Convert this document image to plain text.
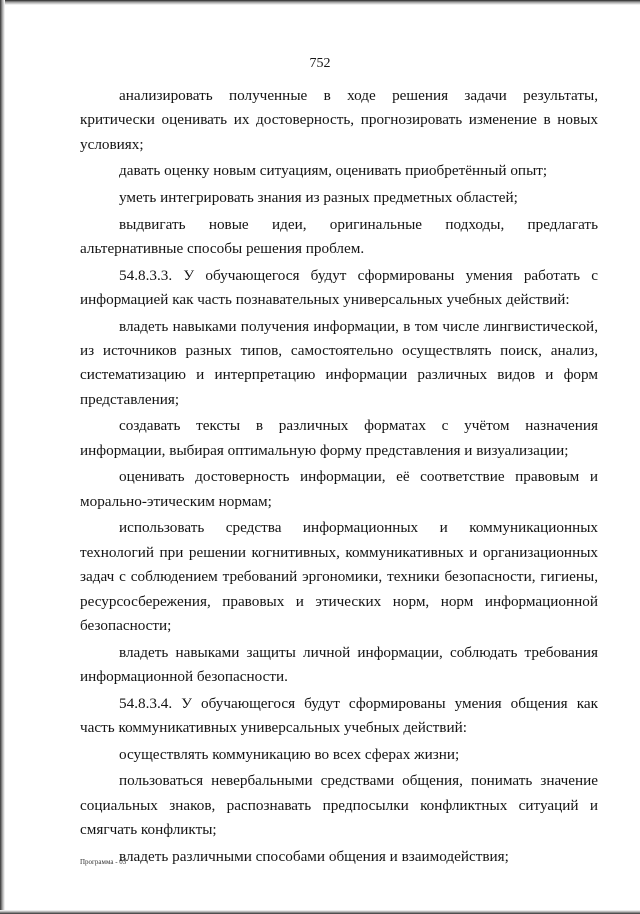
752

анализировать полученные в ходе решения задачи результаты, критически оценивать их достоверность, прогнозировать изменение в новых условиях;

давать оценку новым ситуациям, оценивать приобретённый опыт;

уметь интегрировать знания из разных предметных областей;

выдвигать новые идеи, оригинальные подходы, предлагать альтернативные способы решения проблем.

54.8.3.3. У обучающегося будут сформированы умения работать с информацией как часть познавательных универсальных учебных действий:

владеть навыками получения информации, в том числе лингвистической, из источников разных типов, самостоятельно осуществлять поиск, анализ, систематизацию и интерпретацию информации различных видов и форм представления;

создавать тексты в различных форматах с учётом назначения информации, выбирая оптимальную форму представления и визуализации;

оценивать достоверность информации, её соответствие правовым и морально-этическим нормам;

использовать средства информационных и коммуникационных технологий при решении когнитивных, коммуникативных и организационных задач с соблюдением требований эргономики, техники безопасности, гигиены, ресурсосбережения, правовых и этических норм, норм информационной безопасности;

владеть навыками защиты личной информации, соблюдать требования информационной безопасности.

54.8.3.4. У обучающегося будут сформированы умения общения как часть коммуникативных универсальных учебных действий:

осуществлять коммуникацию во всех сферах жизни;

пользоваться невербальными средствами общения, понимать значение социальных знаков, распознавать предпосылки конфликтных ситуаций и смягчать конфликты;

владеть различными способами общения и взаимодействия;

Программа - 03
